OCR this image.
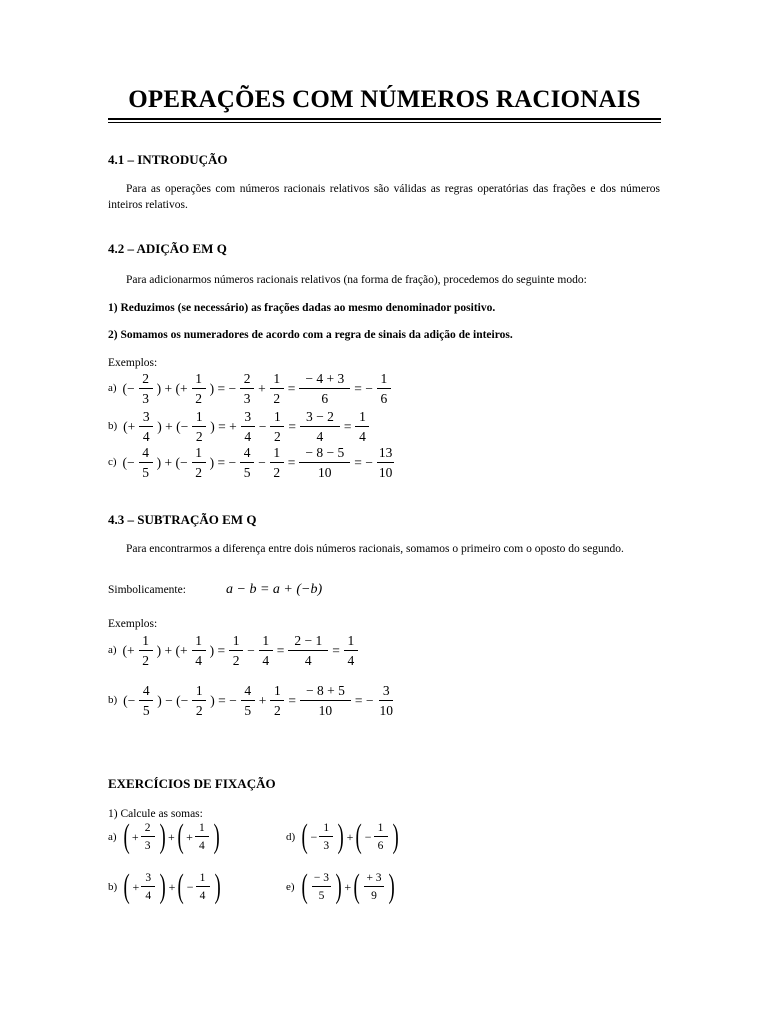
OPERAÇÕES COM NÚMEROS RACIONAIS
4.1 – INTRODUÇÃO
Para as operações com números racionais relativos são válidas as regras operatórias das frações e dos números inteiros relativos.
4.2 – ADIÇÃO EM Q
Para adicionarmos números racionais relativos (na forma de fração), procedemos do seguinte modo:
1) Reduzimos (se necessário) as frações dadas ao mesmo denominador positivo.
2) Somamos os numeradores de acordo com a regra de sinais da adição de inteiros.
Exemplos:
a) (− $\frac{2}{3}$ ) + (+ $\frac{1}{2}$ ) = − $\frac{2}{3} + \frac{1}{2} = \frac{- 4 + 3}{6}$ = − $\frac{1}{6}$
b) (+ $\frac{3}{4}$ ) + (− $\frac{1}{2}$ ) = + $\frac{3}{4} - \frac{1}{2} = \frac{3 - 2}{4} = \frac{1}{4}$
c) (− $\frac{4}{5}$ ) + (− $\frac{1}{2}$ ) = − $\frac{4}{5} - \frac{1}{2} = \frac{- 8 - 5}{10}$ = − $\frac{13}{10}$
4.3 – SUBTRAÇÃO EM Q
Para encontrarmos a diferença entre dois números racionais, somamos o primeiro com o oposto do segundo.
Simbolicamente:	a − b = a + (−b)
Exemplos:
a) (+ $\frac{1}{2}$ ) + (+ $\frac{1}{4}$ ) = $\frac{1}{2} - \frac{1}{4} = \frac{2 - 1}{4} = \frac{1}{4}$
b) (− $\frac{4}{5}$ ) − (− $\frac{1}{2}$ ) = − $\frac{4}{5} + \frac{1}{2} = \frac{- 8 + 5}{10}$ = − $\frac{3}{10}$
EXERCÍCIOS DE FIXAÇÃO
1) Calcule as somas:
a) ( + $\frac{2}{3}$ ) + ( + $\frac{1}{4}$ )	d) ( − $\frac{1}{3}$ ) + ( − $\frac{1}{6}$ )
b) ( + $\frac{3}{4}$ ) + ( − $\frac{1}{4}$ )	e) ( $\frac{- 3}{5}$ ) + ( $\frac{+ 3}{9}$ )
